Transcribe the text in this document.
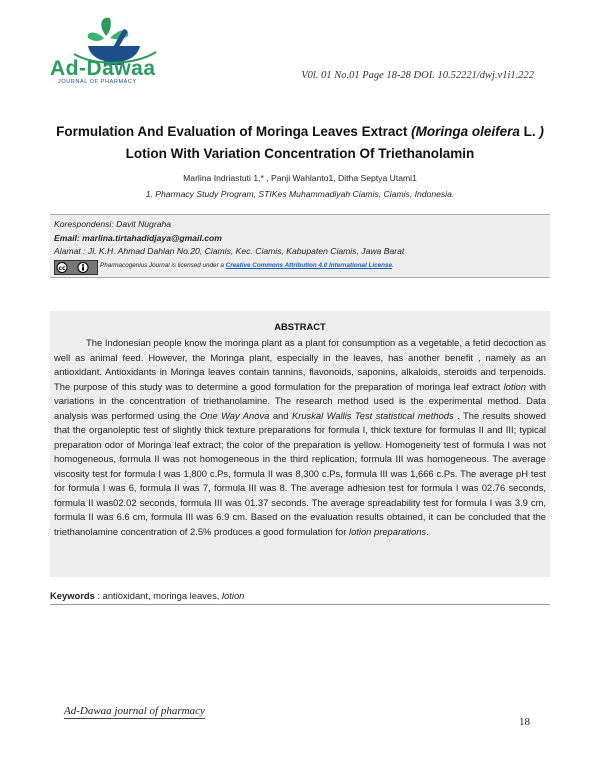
Ad-Dawaa
JOURNAL OF PHARMACY
V0l. 01 No.01 Page 18-28 DOI. 10.52221/dwj.v1i1.222
Formulation And Evaluation of Moringa Leaves Extract (Moringa oleifera L. ) Lotion With Variation Concentration Of Triethanolamin
Marlina Indriastuti 1,* , Panji Wahlanto1, Ditha Septya Utami1
1. Pharmacy Study Program, STIKes Muhammadiyah Ciamis, Ciamis, Indonesia.
Korespondensi: Davit Nugraha
Email: marlina.tirtahadidjaya@gmail.com
Alamat : Jl. K.H. Ahmad Dahlan No.20, Ciamis, Kec. Ciamis, Kabupaten Ciamis, Jawa Barat
cc	Pharmacogenius Journal is licensed under a Creative Commons Attribution 4.0 International License.
ABSTRACT

The Indonesian people know the moringa plant as a plant for consumption as a vegetable, a fetid decoction as well as animal feed. However, the Moringa plant, especially in the leaves, has another benefit , namely as an antioxidant. Antioxidants in Moringa leaves contain tannins, flavonoids, saponins, alkaloids, steroids and terpenoids. The purpose of this study was to determine a good formulation for the preparation of moringa leaf extract lotion with variations in the concentration of triethanolamine. The research method used is the experimental method. Data analysis was performed using the One Way Anova and Kruskal Wallis Test statistical methods . The results showed that the organoleptic test of slightly thick texture preparations for formula I, thick texture for formulas II and III; typical preparation odor of Moringa leaf extract; the color of the preparation is yellow. Homogeneity test of formula I was not homogeneous, formula II was not homogeneous in the third replication, formula III was homogeneous. The average viscosity test for formula I was 1,800 c.Ps, formula II was 8,300 c.Ps, formula III was 1,666 c.Ps. The average pH test for formula I was 6, formula II was 7, formula III was 8. The average adhesion test for formula I was 02.76 seconds, formula II was02.02 seconds, formula III was 01.37 seconds. The average spreadability test for formula I was 3.9 cm, formula II was 6.6 cm, formula III was 6.9 cm. Based on the evaluation results obtained, it can be concluded that the triethanolamine concentration of 2.5% produces a good formulation for lotion preparations.

Keywords : antioxidant, moringa leaves, lotion
Ad-Dawaa journal of pharmacy
18
